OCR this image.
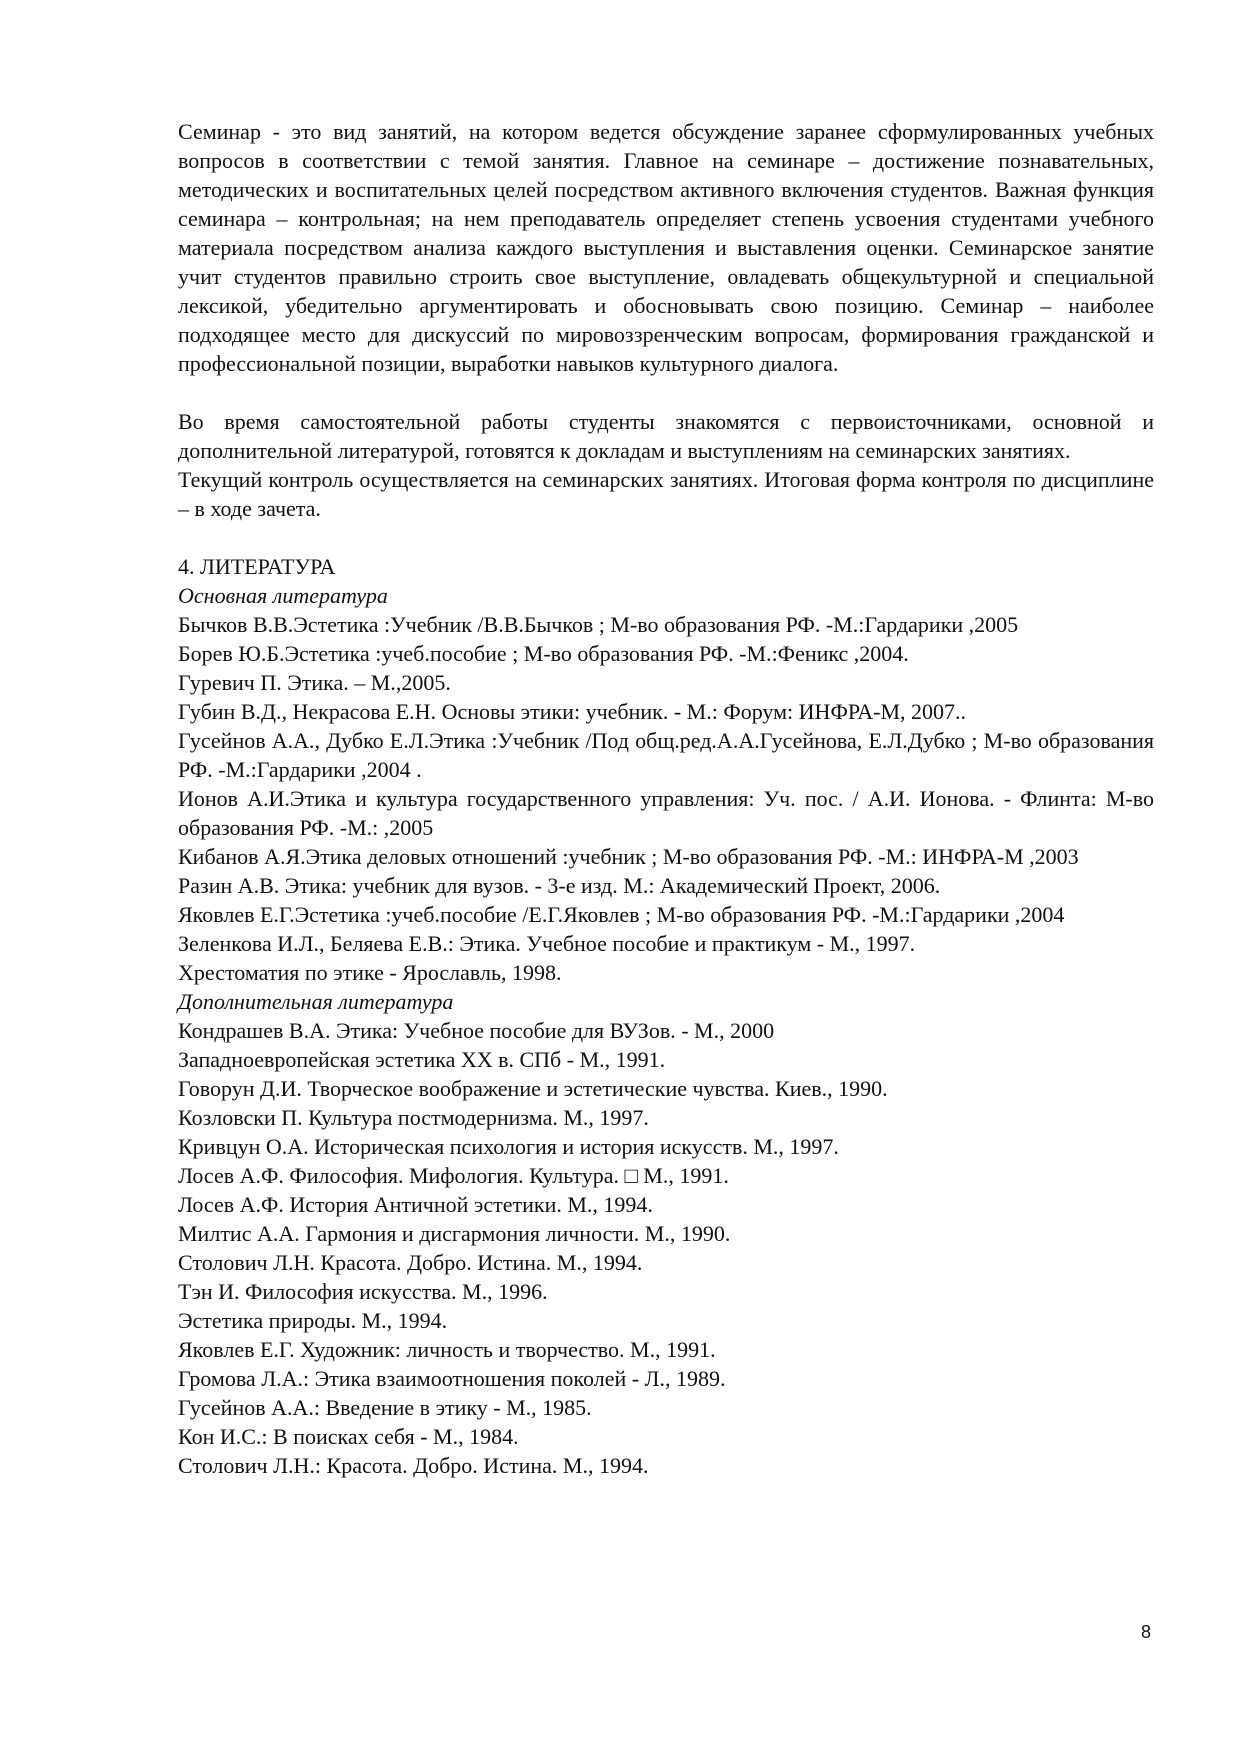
Семинар - это вид занятий, на котором ведется обсуждение заранее сформулированных учебных вопросов в соответствии с темой занятия. Главное на семинаре – достижение познавательных, методических и воспитательных целей посредством активного включения студентов. Важная функция семинара – контрольная; на нем преподаватель определяет степень усвоения студентами учебного материала посредством анализа каждого выступления и выставления оценки. Семинарское занятие учит студентов правильно строить свое выступление, овладевать общекультурной и специальной лексикой, убедительно аргументировать и обосновывать свою позицию. Семинар – наиболее подходящее место для дискуссий по мировоззренческим вопросам, формирования гражданской и профессиональной позиции, выработки навыков культурного диалога.

Во время самостоятельной работы студенты знакомятся с первоисточниками, основной и дополнительной литературой, готовятся к докладам и выступлениям на семинарских занятиях.

Текущий контроль осуществляется на семинарских занятиях. Итоговая форма контроля по дисциплине – в ходе зачета.

4. ЛИТЕРАТУРА

Основная литература

Бычков В.В.Эстетика :Учебник /В.В.Бычков ; М-во образования РФ. -М.:Гардарики ,2005

Борев Ю.Б.Эстетика :учеб.пособие ; М-во образования РФ. -М.:Феникс ,2004.

Гуревич П. Этика. – М.,2005.

Губин В.Д., Некрасова Е.Н. Основы этики: учебник. - М.: Форум: ИНФРА-М, 2007..

Гусейнов А.А., Дубко Е.Л.Этика :Учебник /Под общ.ред.А.А.Гусейнова, Е.Л.Дубко ; М-во образования РФ. -М.:Гардарики ,2004 .

Ионов А.И.Этика и культура государственного управления: Уч. пос. / А.И. Ионова. - Флинта: М-во образования РФ. -М.: ,2005

Кибанов А.Я.Этика деловых отношений :учебник ; М-во образования РФ. -М.: ИНФРА-М ,2003

Разин А.В. Этика: учебник для вузов. - 3-е изд. М.: Академический Проект, 2006.

Яковлев Е.Г.Эстетика :учеб.пособие /Е.Г.Яковлев ; М-во образования РФ. -М.:Гардарики ,2004

Зеленкова И.Л., Беляева Е.В.: Этика. Учебное пособие и практикум - М., 1997.

Хрестоматия по этике - Ярославль, 1998.

Дополнительная литература

Кондрашев В.А. Этика: Учебное пособие для ВУЗов. - М., 2000

Западноевропейская эстетика XX в. СПб - М., 1991.

Говорун Д.И. Творческое воображение и эстетические чувства. Киев., 1990.

Козловски П. Культура постмодернизма. М., 1997.

Кривцун О.А. Историческая психология и история искусств. М., 1997.

Лосев А.Ф. Философия. Мифология. Культура. □ М., 1991.

Лосев А.Ф. История Античной эстетики. М., 1994.

Милтис А.А. Гармония и дисгармония личности. М., 1990.

Столович Л.Н. Красота. Добро. Истина. М., 1994.

Тэн И. Философия искусства. М., 1996.

Эстетика природы. М., 1994.

Яковлев Е.Г. Художник: личность и творчество. М., 1991.

Громова Л.А.: Этика взаимоотношения поколей - Л., 1989.

Гусейнов А.А.: Введение в этику - М., 1985.

Кон И.С.: В поисках себя - М., 1984.

Столович Л.Н.: Красота. Добро. Истина. М., 1994.

8
